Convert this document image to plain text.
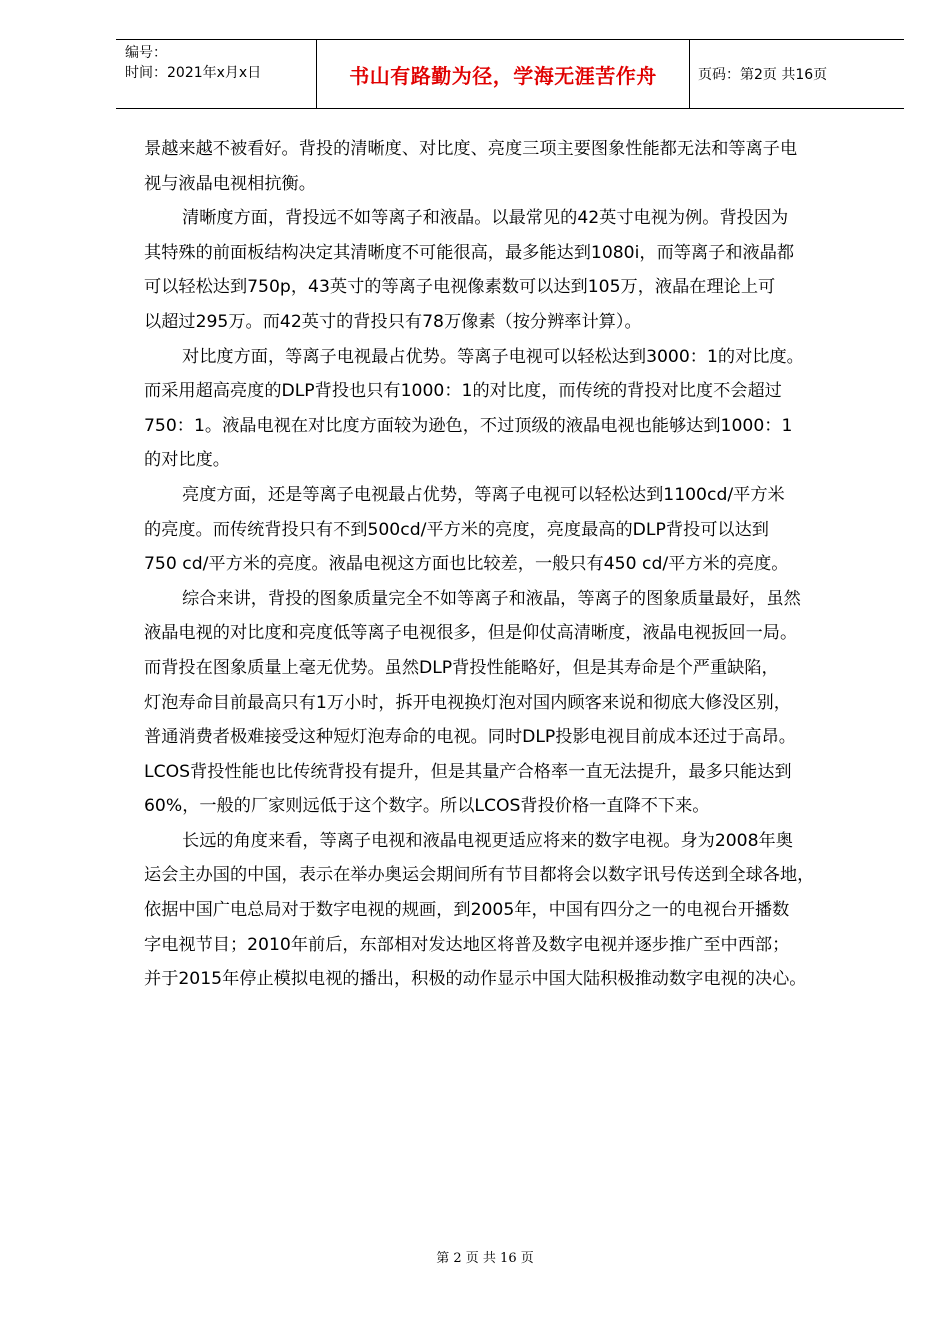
编号：
时间：2021年x月x日	书山有路勤为径，学海无涯苦作舟	页码：第2页 共16页
景越来越不被看好。背投的清晰度、对比度、亮度三项主要图象性能都无法和等离子电
视与液晶电视相抗衡。
清晰度方面，背投远不如等离子和液晶。以最常见的42英寸电视为例。背投因为
其特殊的前面板结构决定其清晰度不可能很高，最多能达到1080i，而等离子和液晶都
可以轻松达到750p，43英寸的等离子电视像素数可以达到105万，液晶在理论上可
以超过295万。而42英寸的背投只有78万像素（按分辨率计算）。
对比度方面，等离子电视最占优势。等离子电视可以轻松达到3000：1的对比度。
而采用超高亮度的DLP背投也只有1000：1的对比度，而传统的背投对比度不会超过
750：1。液晶电视在对比度方面较为逊色，不过顶级的液晶电视也能够达到1000：1
的对比度。
亮度方面，还是等离子电视最占优势，等离子电视可以轻松达到1100cd/平方米
的亮度。而传统背投只有不到500cd/平方米的亮度，亮度最高的DLP背投可以达到
750 cd/平方米的亮度。液晶电视这方面也比较差，一般只有450 cd/平方米的亮度。
综合来讲，背投的图象质量完全不如等离子和液晶，等离子的图象质量最好，虽然
液晶电视的对比度和亮度低等离子电视很多，但是仰仗高清晰度，液晶电视扳回一局。
而背投在图象质量上毫无优势。虽然DLP背投性能略好，但是其寿命是个严重缺陷，
灯泡寿命目前最高只有1万小时，拆开电视换灯泡对国内顾客来说和彻底大修没区别，
普通消费者极难接受这种短灯泡寿命的电视。同时DLP投影电视目前成本还过于高昂。
LCOS背投性能也比传统背投有提升，但是其量产合格率一直无法提升，最多只能达到
60%，一般的厂家则远低于这个数字。所以LCOS背投价格一直降不下来。
长远的角度来看，等离子电视和液晶电视更适应将来的数字电视。身为2008年奥
运会主办国的中国，表示在举办奥运会期间所有节目都将会以数字讯号传送到全球各地，
依据中国广电总局对于数字电视的规画，到2005年，中国有四分之一的电视台开播数
字电视节目；2010年前后，东部相对发达地区将普及数字电视并逐步推广至中西部；
并于2015年停止模拟电视的播出，积极的动作显示中国大陆积极推动数字电视的决心。
第 2 页 共 16 页
